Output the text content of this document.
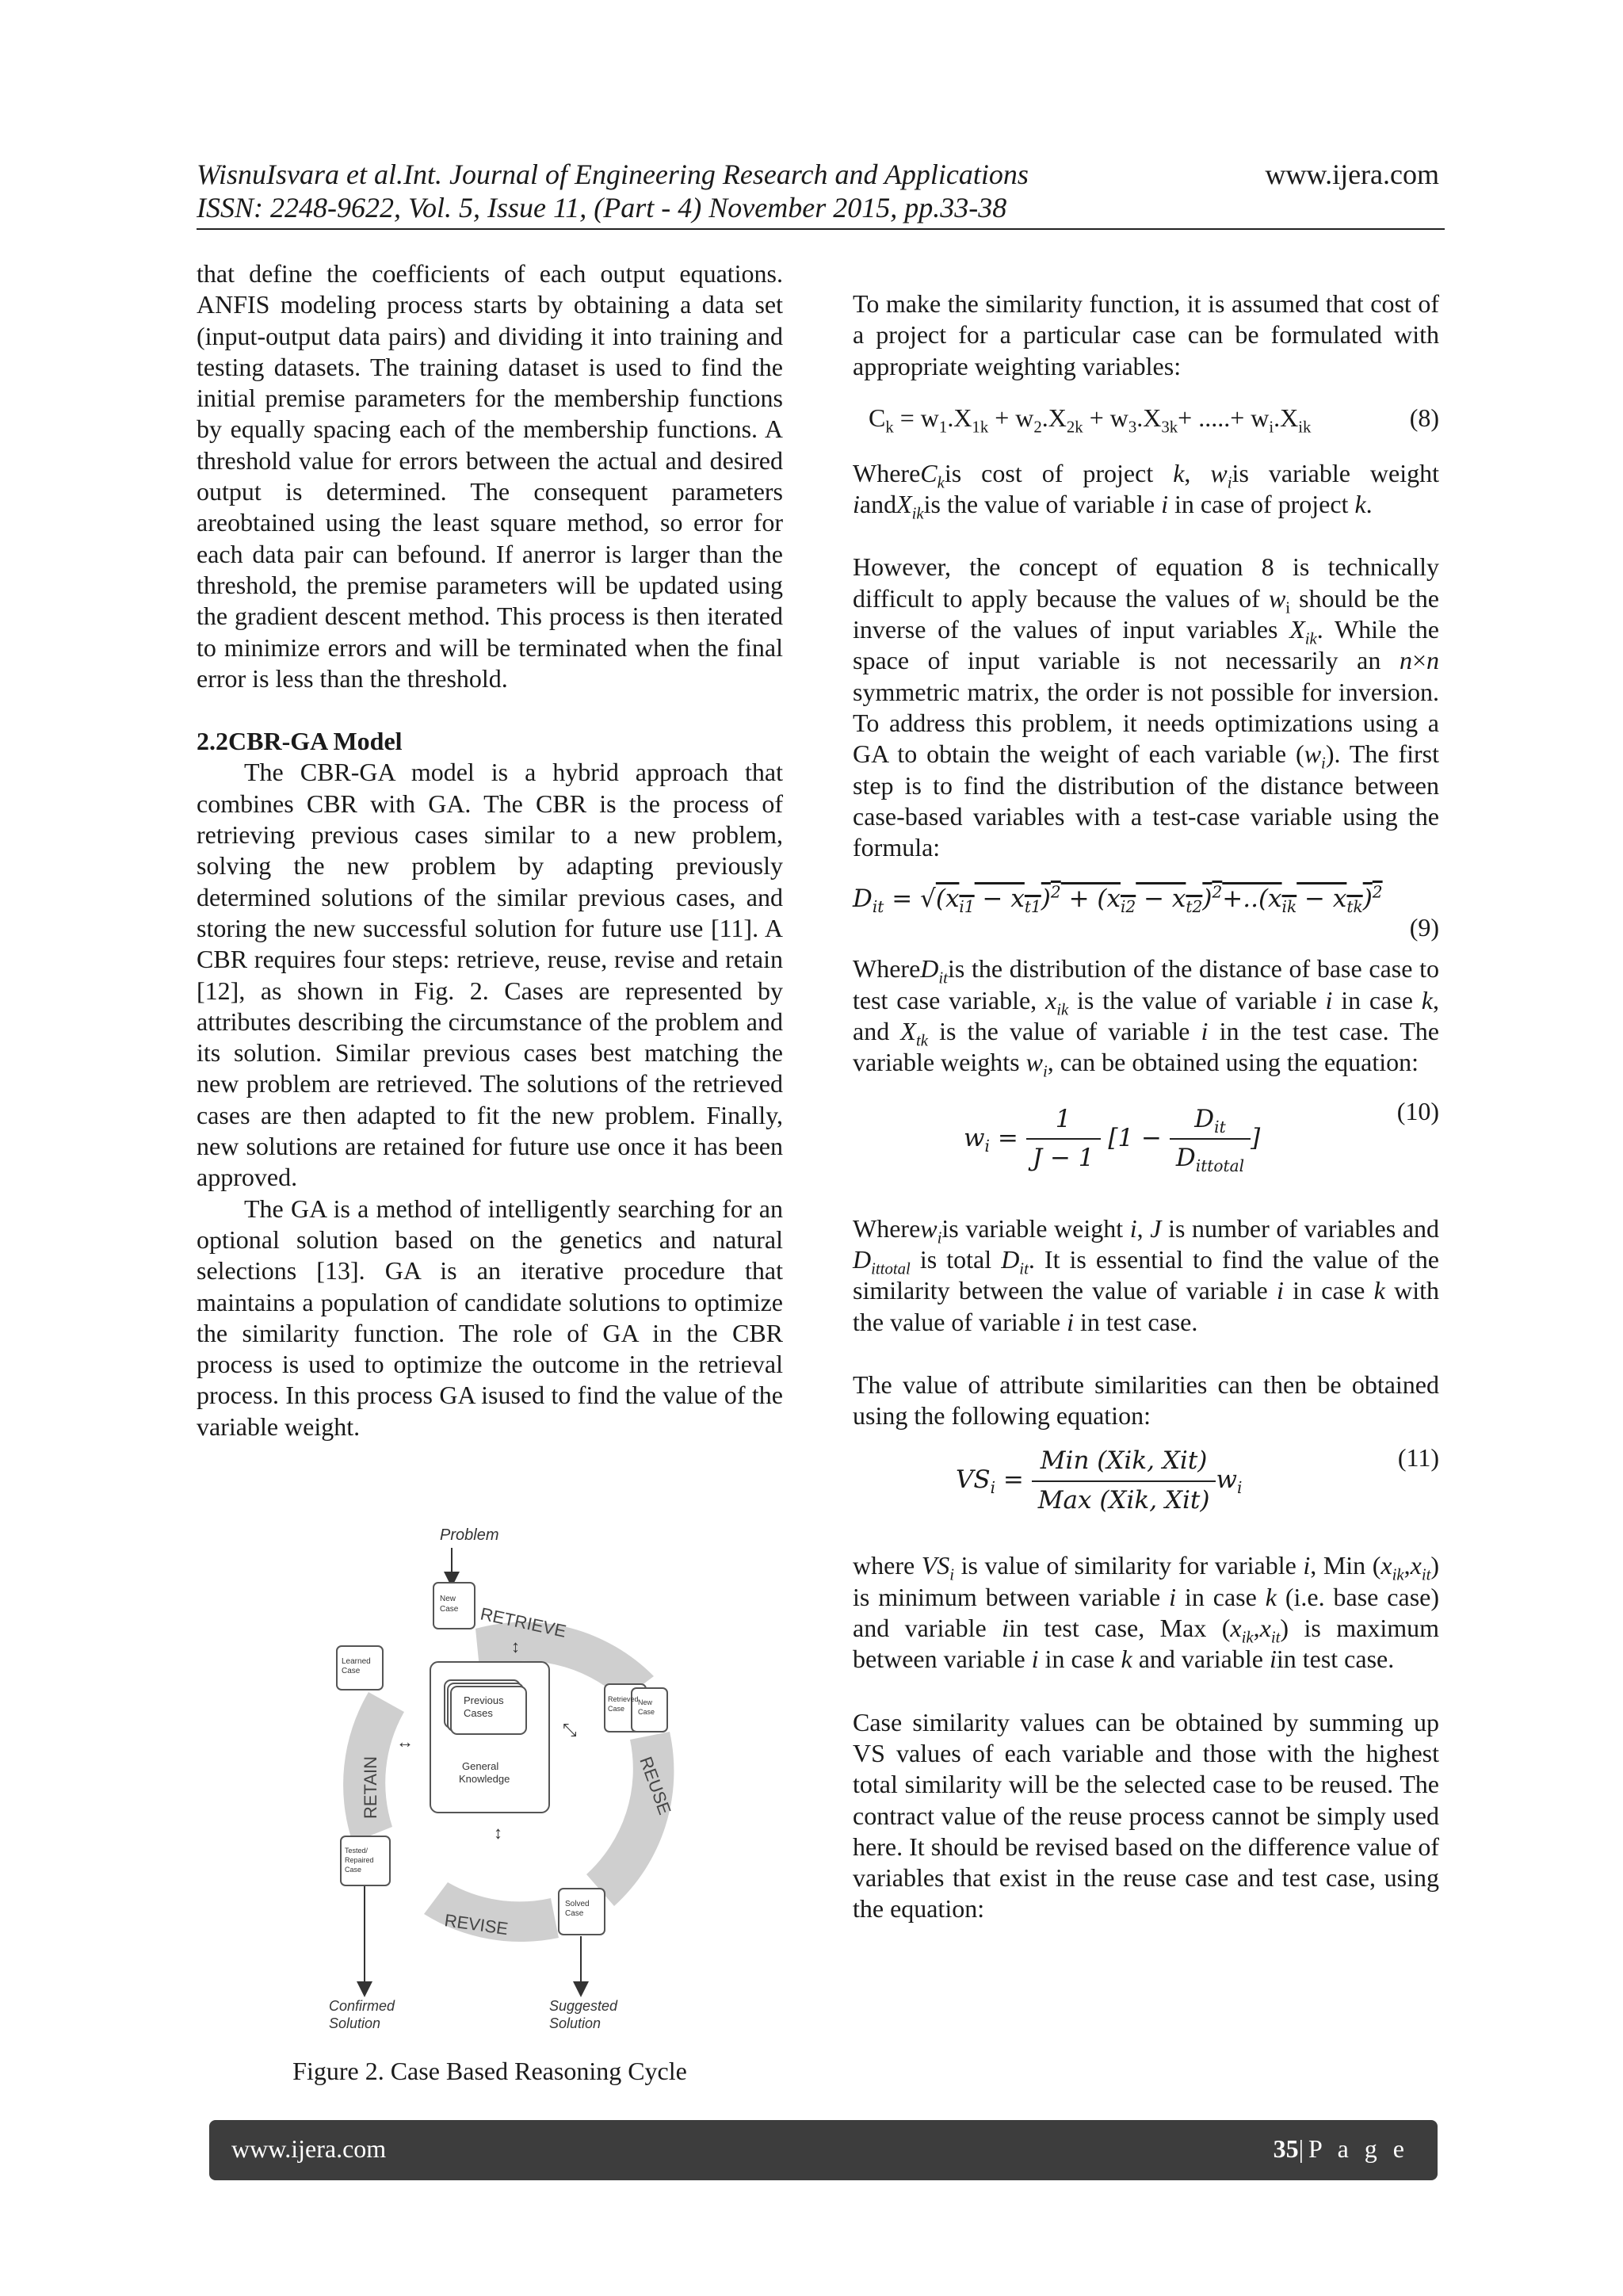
WisnuIsvara et al.Int. Journal of Engineering Research and Applications
ISSN: 2248-9622, Vol. 5, Issue 11, (Part - 4) November 2015, pp.33-38
www.ijera.com

that define the coefficients of each output equations. ANFIS modeling process starts by obtaining a data set (input-output data pairs) and dividing it into training and testing datasets. The training dataset is used to find the initial premise parameters for the membership functions by equally spacing each of the membership functions. A threshold value for errors between the actual and desired output is determined. The consequent parameters areobtained using the least square method, so error for each data pair can befound. If anerror is larger than the threshold, the premise parameters will be updated using the gradient descent method. This process is then iterated to minimize errors and will be terminated when the final error is less than the threshold.

2.2CBR-GA Model

The CBR-GA model is a hybrid approach that combines CBR with GA. The CBR is the process of retrieving previous cases similar to a new problem, solving the new problem by adapting previously determined solutions of the similar previous cases, and storing the new successful solution for future use [11]. A CBR requires four steps: retrieve, reuse, revise and retain [12], as shown in Fig. 2. Cases are represented by attributes describing the circumstance of the problem and its solution. Similar previous cases best matching the new problem are retrieved. The solutions of the retrieved cases are then adapted to fit the new problem. Finally, new solutions are retained for future use once it has been approved.

The GA is a method of intelligently searching for an optional solution based on the genetics and natural selections [13]. GA is an iterative procedure that maintains a population of candidate solutions to optimize the similarity function. The role of GA in the CBR process is used to optimize the outcome in the retrieval process. In this process GA isused to find the value of the variable weight.

Problem
New
Case RETRIEVE
Learned
Case
Previous
Cases
General
Knowledge
Retrieved
Case
New
Case
RETAIN	REUSE
REVISE
Tested/
Repaired
Case
Solved
Case
↕
↔
⤡
↕
Confirmed
Solution
Suggested
Solution
Figure 2. Case Based Reasoning Cycle

To make the similarity function, it is assumed that cost of a project for a particular case can be formulated with appropriate weighting variables:

$C_k = w_1.X_{1k} + w_2.X_{2k} + w_3.X_{3k}+$ .....+ $w_i.X_{ik}$	(8)

WhereC$_k$is cost of project k, $w_iis$ variable weight iandX$_{ik}$is the value of variable i in case of project k.

However, the concept of equation 8 is technically difficult to apply because the values of $w_i$ should be the inverse of the values of input variables $X_{ik}$. While the space of input variable is not necessarily an n×n symmetric matrix, the order is not possible for inversion. To address this problem, it needs optimizations using a GA to obtain the weight of each variable $(w_i)$. The first step is to find the distribution of the distance between case-based variables with a test-case variable using the formula:

$D_{it} = √(x_{i1} - x_{t1})^2 + (x_{i2} - x_{t2})^2+..(x_{ik} - x_{tk})^2$
(9)

WhereD$_{it}$is the distribution of the distance of base case to test case variable, $x_{ik}$ is the value of variable i in case k, and $X_{tk}$ is the value of variable i in the test case. The variable weights $w_i$, can be obtained using the equation:

$w_i = \frac{1}{J - 1} [1 - \frac{D_{it}}{D_{ittotal}}$ ]
(10)

Wherew$_i$is variable weight i, J is number of variables and $D_{ittotal}$ is total $D_{it}$. It is essential to find the value of the similarity between the value of variable i in case k with the value of variable i in test case.

The value of attribute similarities can then be obtained using the following equation:

$VS_i = \frac{\text{Min (Xik, Xit)}}{\text{Max (Xik, Xit)}} w_i$
(11)

where $VS_i$ is value of similarity for variable i, Min $(x_{ik},x_{it})$ is minimum between variable i in case k (i.e. base case) and variable iin test case, Max $(x_{ik},x_{it})$ is maximum between variable i in case k and variable iin test case.

Case similarity values can be obtained by summing up VS values of each variable and those with the highest total similarity will be the selected case to be reused. The contract value of the reuse process cannot be simply used here. It should be revised based on the difference value of variables that exist in the reuse case and test case, using the equation:

www.ijera.com	35|P a g e
